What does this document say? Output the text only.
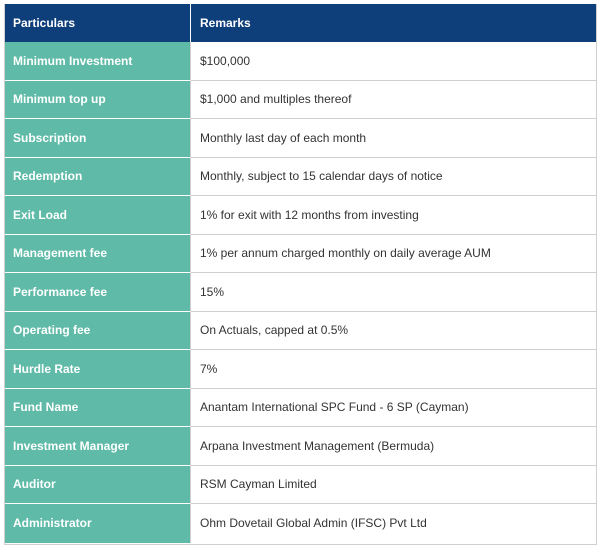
Particulars	Remarks
Minimum Investment	$100,000
Minimum top up	$1,000 and multiples thereof
Subscription	Monthly last day of each month
Redemption	Monthly, subject to 15 calendar days of notice
Exit Load	1% for exit with 12 months from investing
Management fee	1% per annum charged monthly on daily average AUM
Performance fee	15%
Operating fee	On Actuals, capped at 0.5%
Hurdle Rate	7%
Fund Name	Anantam International SPC Fund - 6 SP (Cayman)
Investment Manager	Arpana Investment Management (Bermuda)
Auditor	RSM Cayman Limited
Administrator	Ohm Dovetail Global Admin (IFSC) Pvt Ltd
